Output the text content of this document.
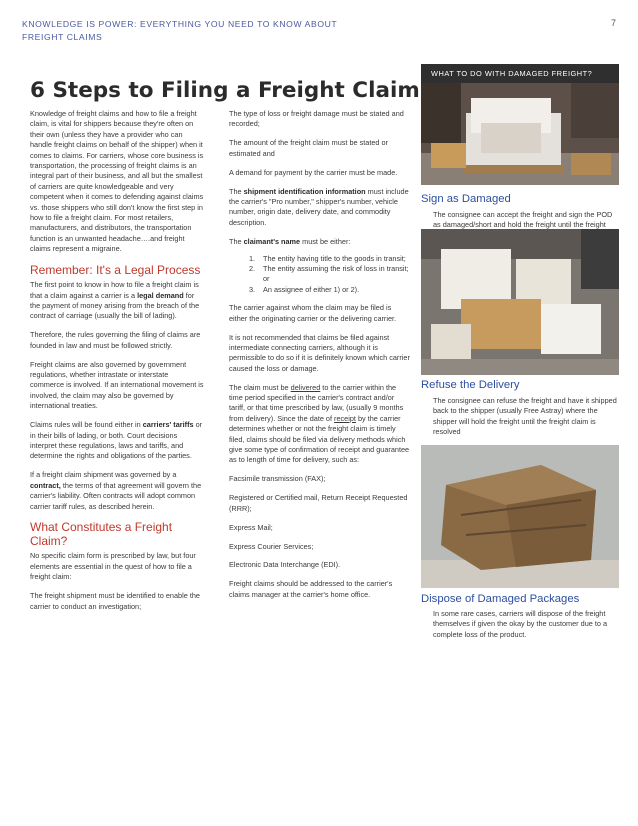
KNOWLEDGE IS POWER: EVERYTHING YOU NEED TO KNOW ABOUT FREIGHT CLAIMS
7
6 Steps to Filing a Freight Claim

Knowledge of freight claims and how to file a freight claim, is vital for shippers because they're often on their own (unless they have a provider who can handle freight claims on behalf of the shipper) when it comes to claims. For carriers, whose core business is transportation, the processing of freight claims is an integral part of their business, and all but the smallest of carriers are quite knowledgeable and very competent when it comes to defending against claims vs. those shippers who still don't know the first step in how to file a freight claim. For most retailers, manufacturers, and distributors, the transportation function is an unwanted headache….and freight claims represent a migraine.

Remember: It's a Legal Process

The first point to know in how to file a freight claim is that a claim against a carrier is a legal demand for the payment of money arising from the breach of the contract of carriage (usually the bill of lading).

Therefore, the rules governing the filing of claims are founded in law and must be followed strictly.

Freight claims are also governed by government regulations, whether intrastate or interstate commerce is involved. If an international movement is involved, the claim may also be governed by international treaties.

Claims rules will be found either in carriers' tariffs or in their bills of lading, or both. Court decisions interpret these regulations, laws and tariffs, and determine the rights and obligations of the parties.

If a freight claim shipment was governed by a contract, the terms of that agreement will govern the carrier's liability. Often contracts will adopt common carrier tariff rules, as described herein.

What Constitutes a Freight Claim?

No specific claim form is prescribed by law, but four elements are essential in the quest of how to file a freight claim:

The freight shipment must be identified to enable the carrier to conduct an investigation;

The type of loss or freight damage must be stated and recorded;

The amount of the freight claim must be stated or estimated and

A demand for payment by the carrier must be made.

The shipment identification information must include the carrier's "Pro number," shipper's number, vehicle number, origin date, delivery date, and commodity description.

The claimant's name must be either:

1. The entity having title to the goods in transit;
2. The entity assuming the risk of loss in transit; or
3. An assignee of either 1) or 2).

The carrier against whom the claim may be filed is either the originating carrier or the delivering carrier.

It is not recommended that claims be filed against intermediate connecting carriers, although it is permissible to do so if it is definitely known which carrier caused the loss or damage.

The claim must be delivered to the carrier within the time period specified in the carrier's contract and/or tariff, or that time prescribed by law, (usually 9 months from delivery). Since the date of receipt by the carrier determines whether or not the freight claim is timely filed, claims should be filed via delivery methods which give some type of confirmation of receipt and guarantee as to length of time for delivery, such as:

Facsimile transmission (FAX);

Registered or Certified mail, Return Receipt Requested (RRR);

Express Mail;

Express Courier Services;

Electronic Data Interchange (EDI).

Freight claims should be addressed to the carrier's claims manager at the carrier's home office.

WHAT TO DO WITH DAMAGED FREIGHT?
Sign as Damaged
The consignee can accept the freight and sign the POD as damaged/short and hold the freight until the freight
Refuse the Delivery
The consignee can refuse the freight and have it shipped back to the shipper (usually Free Astray) where the shipper will hold the freight until the freight claim is resolved
Dispose of Damaged Packages
In some rare cases, carriers will dispose of the freight themselves if given the okay by the customer due to a complete loss of the product.
